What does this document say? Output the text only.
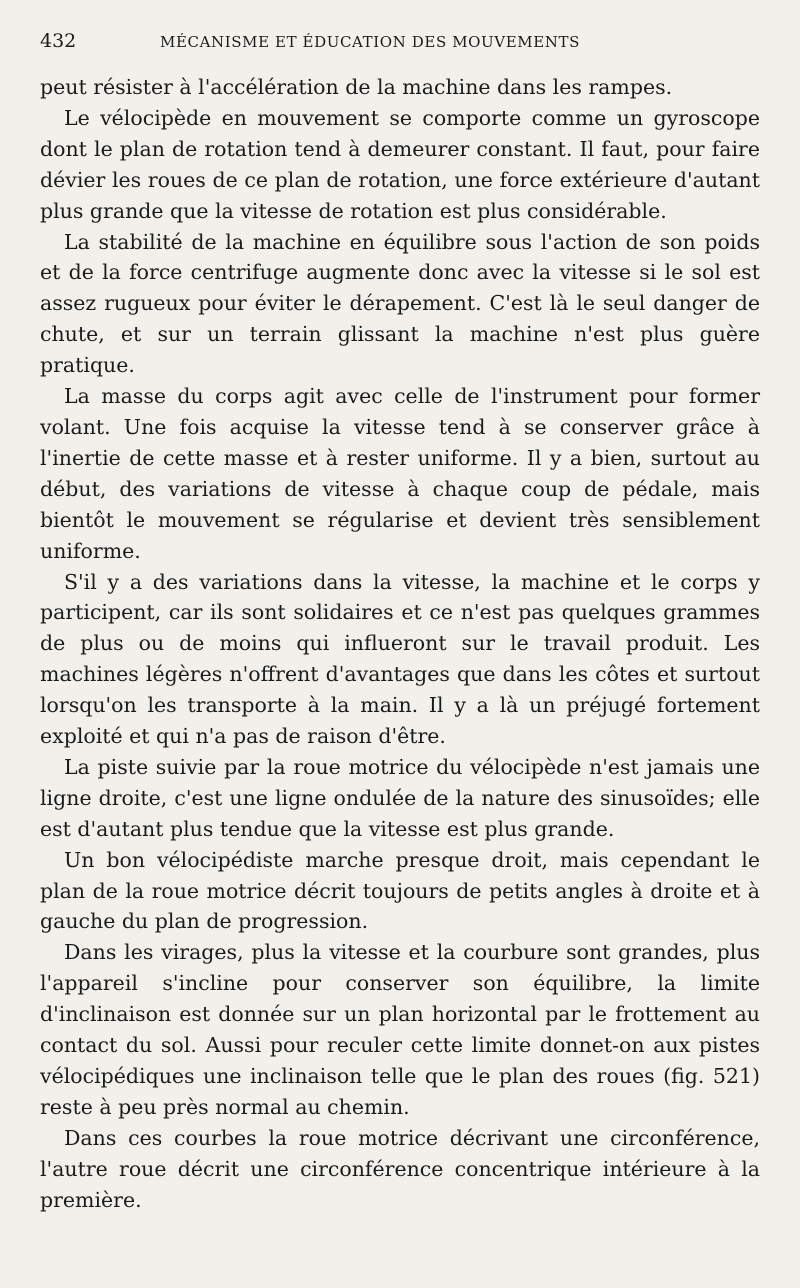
432	MÉCANISME ET ÉDUCATION DES MOUVEMENTS

peut résister à l'accélération de la machine dans les rampes.

Le vélocipède en mouvement se comporte comme un gyroscope dont le plan de rotation tend à demeurer constant. Il faut, pour faire dévier les roues de ce plan de rotation, une force extérieure d'autant plus grande que la vitesse de rotation est plus considérable.

La stabilité de la machine en équilibre sous l'action de son poids et de la force centrifuge augmente donc avec la vitesse si le sol est assez rugueux pour éviter le dérapement. C'est là le seul danger de chute, et sur un terrain glissant la machine n'est plus guère pratique.

La masse du corps agit avec celle de l'instrument pour former volant. Une fois acquise la vitesse tend à se conserver grâce à l'inertie de cette masse et à rester uniforme. Il y a bien, surtout au début, des variations de vitesse à chaque coup de pédale, mais bientôt le mouvement se régularise et devient très sensiblement uniforme.

S'il y a des variations dans la vitesse, la machine et le corps y participent, car ils sont solidaires et ce n'est pas quelques grammes de plus ou de moins qui influeront sur le travail produit. Les machines légères n'offrent d'avantages que dans les côtes et surtout lorsqu'on les transporte à la main. Il y a là un préjugé fortement exploité et qui n'a pas de raison d'être.

La piste suivie par la roue motrice du vélocipède n'est jamais une ligne droite, c'est une ligne ondulée de la nature des sinusoïdes; elle est d'autant plus tendue que la vitesse est plus grande.

Un bon vélocipédiste marche presque droit, mais cependant le plan de la roue motrice décrit toujours de petits angles à droite et à gauche du plan de progression.

Dans les virages, plus la vitesse et la courbure sont grandes, plus l'appareil s'incline pour conserver son équilibre, la limite d'inclinaison est donnée sur un plan horizontal par le frottement au contact du sol. Aussi pour reculer cette limite donnet-on aux pistes vélocipédiques une inclinaison telle que le plan des roues (fig. 521) reste à peu près normal au chemin.

Dans ces courbes la roue motrice décrivant une circonférence, l'autre roue décrit une circonférence concentrique intérieure à la première.
